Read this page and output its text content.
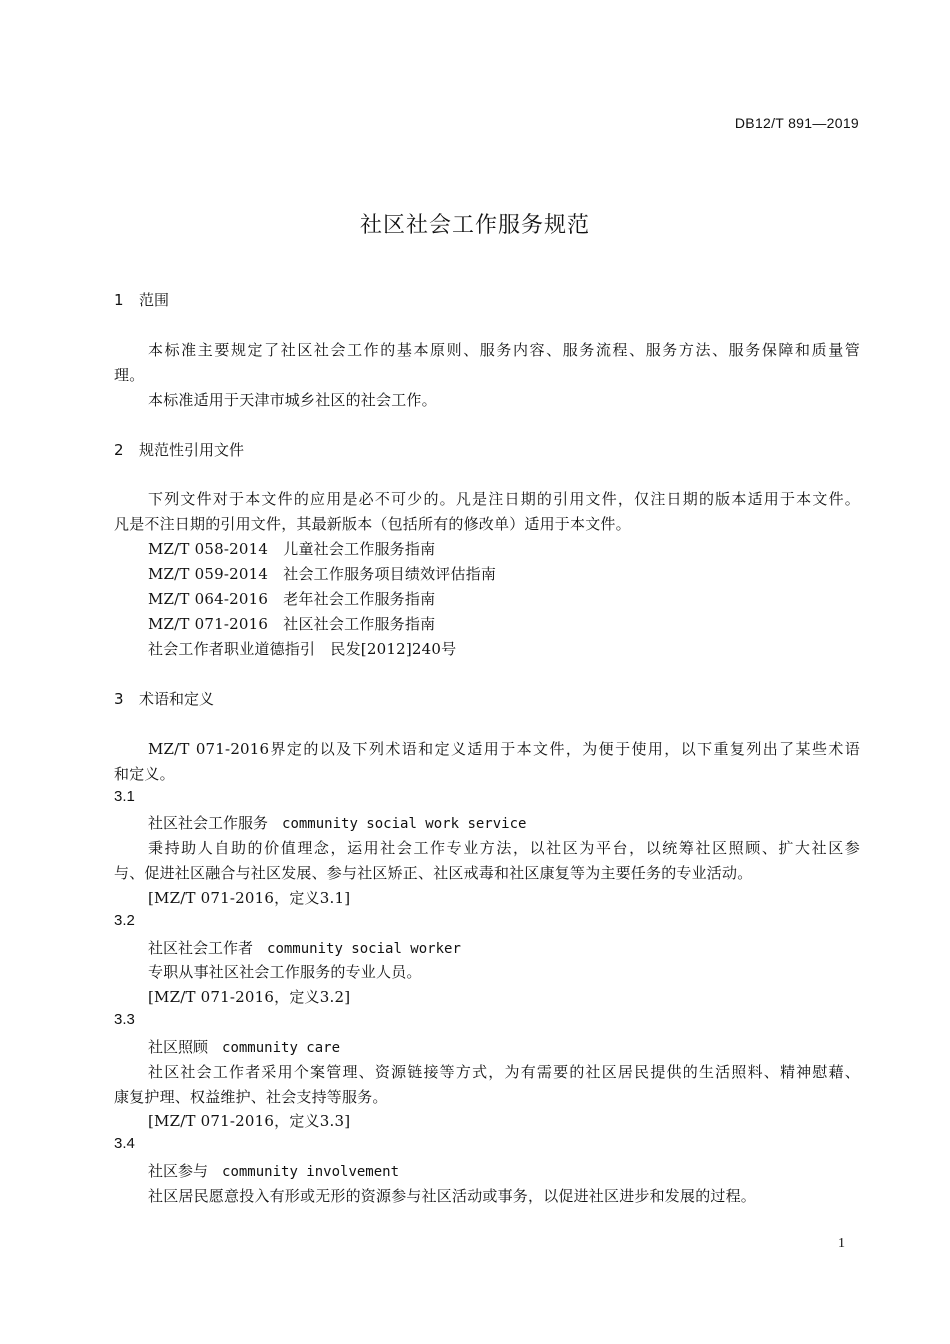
DB12/T 891—2019
社区社会工作服务规范
1 范围
本标准主要规定了社区社会工作的基本原则、服务内容、服务流程、服务方法、服务保障和质量管
理。
本标准适用于天津市城乡社区的社会工作。
2 规范性引用文件
下列文件对于本文件的应用是必不可少的。凡是注日期的引用文件，仅注日期的版本适用于本文件。
凡是不注日期的引用文件，其最新版本（包括所有的修改单）适用于本文件。
MZ/T 058-2014　儿童社会工作服务指南
MZ/T 059-2014　社会工作服务项目绩效评估指南
MZ/T 064-2016　老年社会工作服务指南
MZ/T 071-2016　社区社会工作服务指南
社会工作者职业道德指引　民发[2012]240号
3 术语和定义
MZ/T 071-2016界定的以及下列术语和定义适用于本文件，为便于使用，以下重复列出了某些术语
和定义。
3.1
社区社会工作服务 community social work service
秉持助人自助的价值理念，运用社会工作专业方法，以社区为平台，以统筹社区照顾、扩大社区参
与、促进社区融合与社区发展、参与社区矫正、社区戒毒和社区康复等为主要任务的专业活动。
[MZ/T 071-2016，定义3.1]
3.2
社区社会工作者 community social worker
专职从事社区社会工作服务的专业人员。
[MZ/T 071-2016，定义3.2]
3.3
社区照顾 community care
社区社会工作者采用个案管理、资源链接等方式，为有需要的社区居民提供的生活照料、精神慰藉、
康复护理、权益维护、社会支持等服务。
[MZ/T 071-2016，定义3.3]
3.4
社区参与 community involvement
社区居民愿意投入有形或无形的资源参与社区活动或事务，以促进社区进步和发展的过程。
1
